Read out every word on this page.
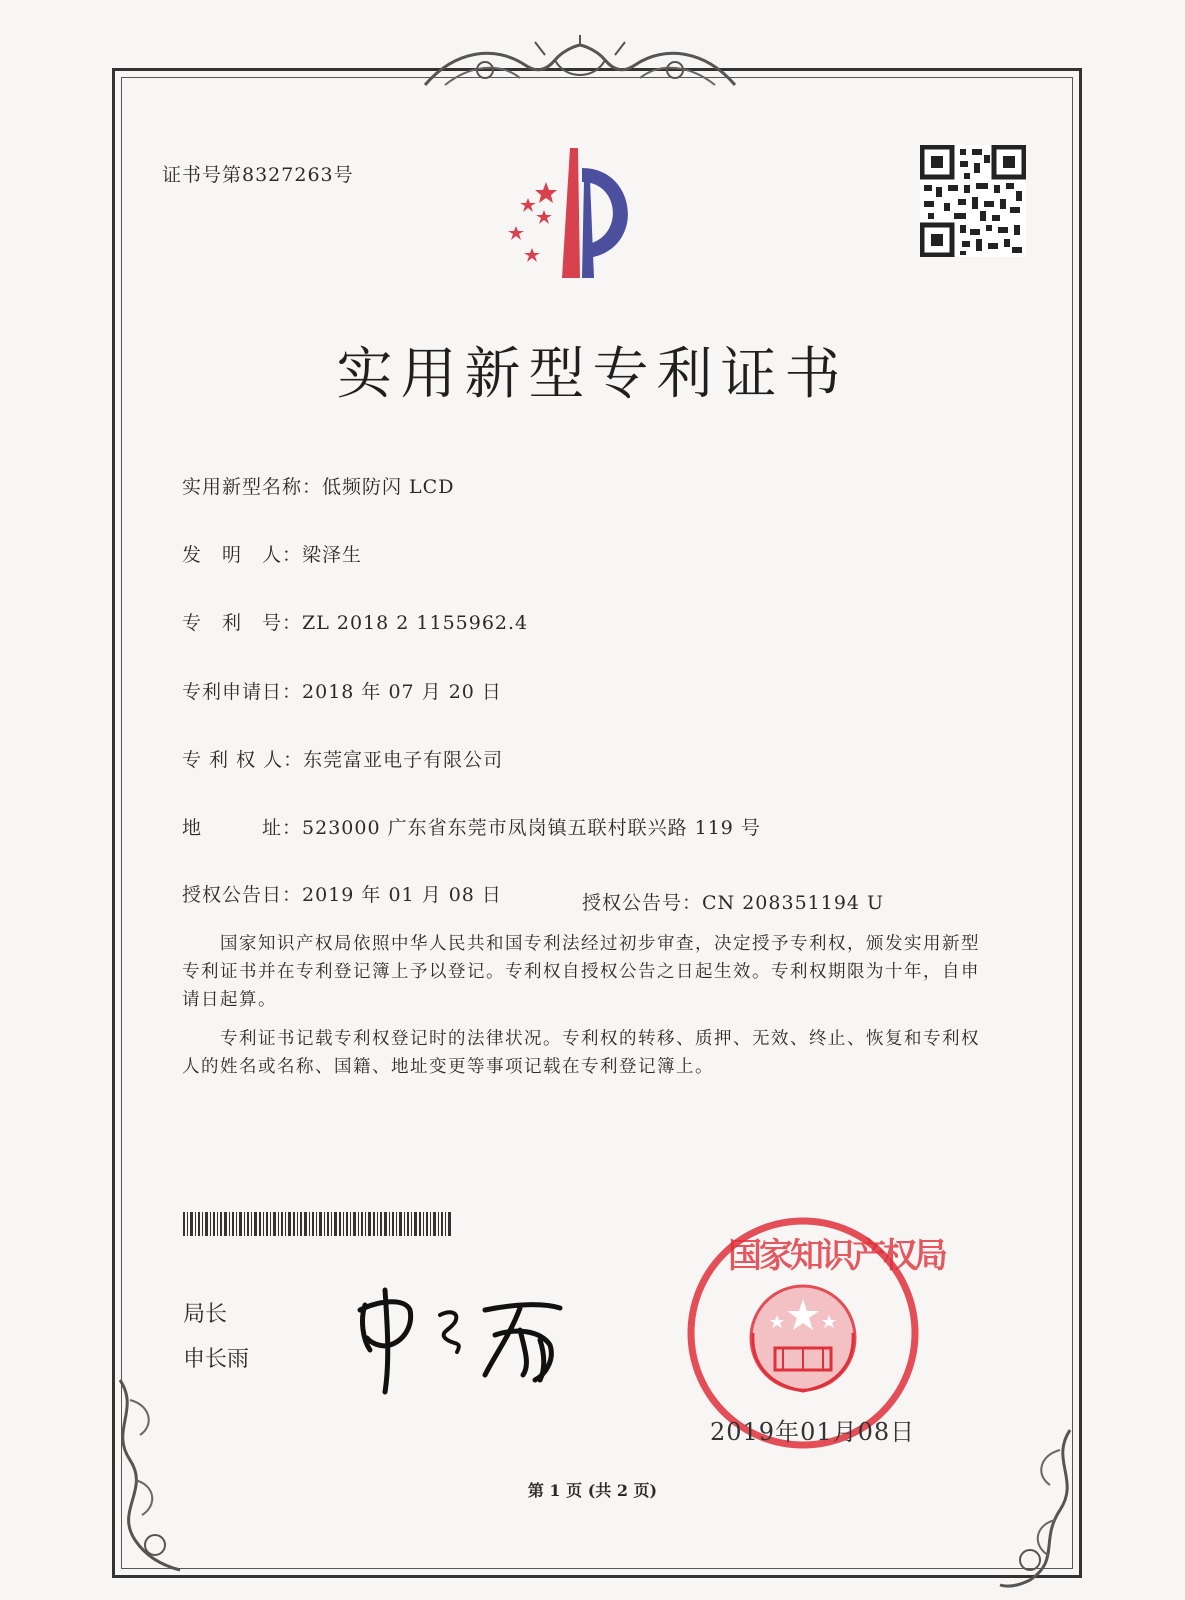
证书号第8327263号
实用新型专利证书
实用新型名称：低频防闪 LCD
发　明　人：梁泽生
专　利　号：ZL 2018 2 1155962.4
专利申请日：2018 年 07 月 20 日
专 利 权 人：东莞富亚电子有限公司
地　　　址：523000 广东省东莞市凤岗镇五联村联兴路 119 号
授权公告日：2019 年 01 月 08 日	授权公告号：CN 208351194 U
　　国家知识产权局依照中华人民共和国专利法经过初步审查，决定授予专利权，颁发实用新型专利证书并在专利登记簿上予以登记。专利权自授权公告之日起生效。专利权期限为十年，自申请日起算。
　　专利证书记载专利权登记时的法律状况。专利权的转移、质押、无效、终止、恢复和专利权人的姓名或名称、国籍、地址变更等事项记载在专利登记簿上。
局长
申长雨
国家知识产权局
2019年01月08日
第 1 页 (共 2 页)
